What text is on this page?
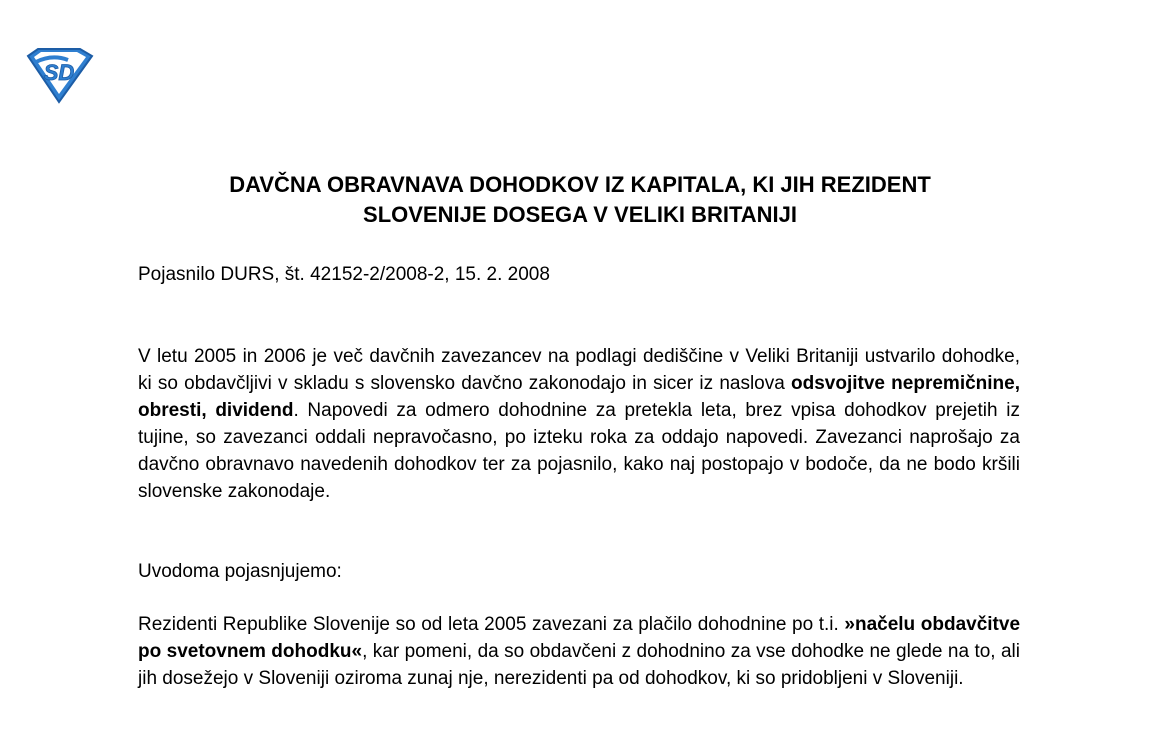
SD
DAVČNA OBRAVNAVA DOHODKOV IZ KAPITALA, KI JIH REZIDENT
SLOVENIJE DOSEGA V VELIKI BRITANIJI
Pojasnilo DURS, št. 42152-2/2008-2, 15. 2. 2008
V letu 2005 in 2006 je več davčnih zavezancev na podlagi dediščine v Veliki Britaniji ustvarilo dohodke, ki so obdavčljivi v skladu s slovensko davčno zakonodajo in sicer iz naslova odsvojitve nepremičnine, obresti, dividend. Napovedi za odmero dohodnine za pretekla leta, brez vpisa dohodkov prejetih iz tujine, so zavezanci oddali nepravočasno, po izteku roka za oddajo napovedi. Zavezanci naprošajo za davčno obravnavo navedenih dohodkov ter za pojasnilo, kako naj postopajo v bodoče, da ne bodo kršili slovenske zakonodaje.
Uvodoma pojasnjujemo:
Rezidenti Republike Slovenije so od leta 2005 zavezani za plačilo dohodnine po t.i. »načelu obdavčitve po svetovnem dohodku«, kar pomeni, da so obdavčeni z dohodnino za vse dohodke ne glede na to, ali jih dosežejo v Sloveniji oziroma zunaj nje, nerezidenti pa od dohodkov, ki so pridobljeni v Sloveniji.
